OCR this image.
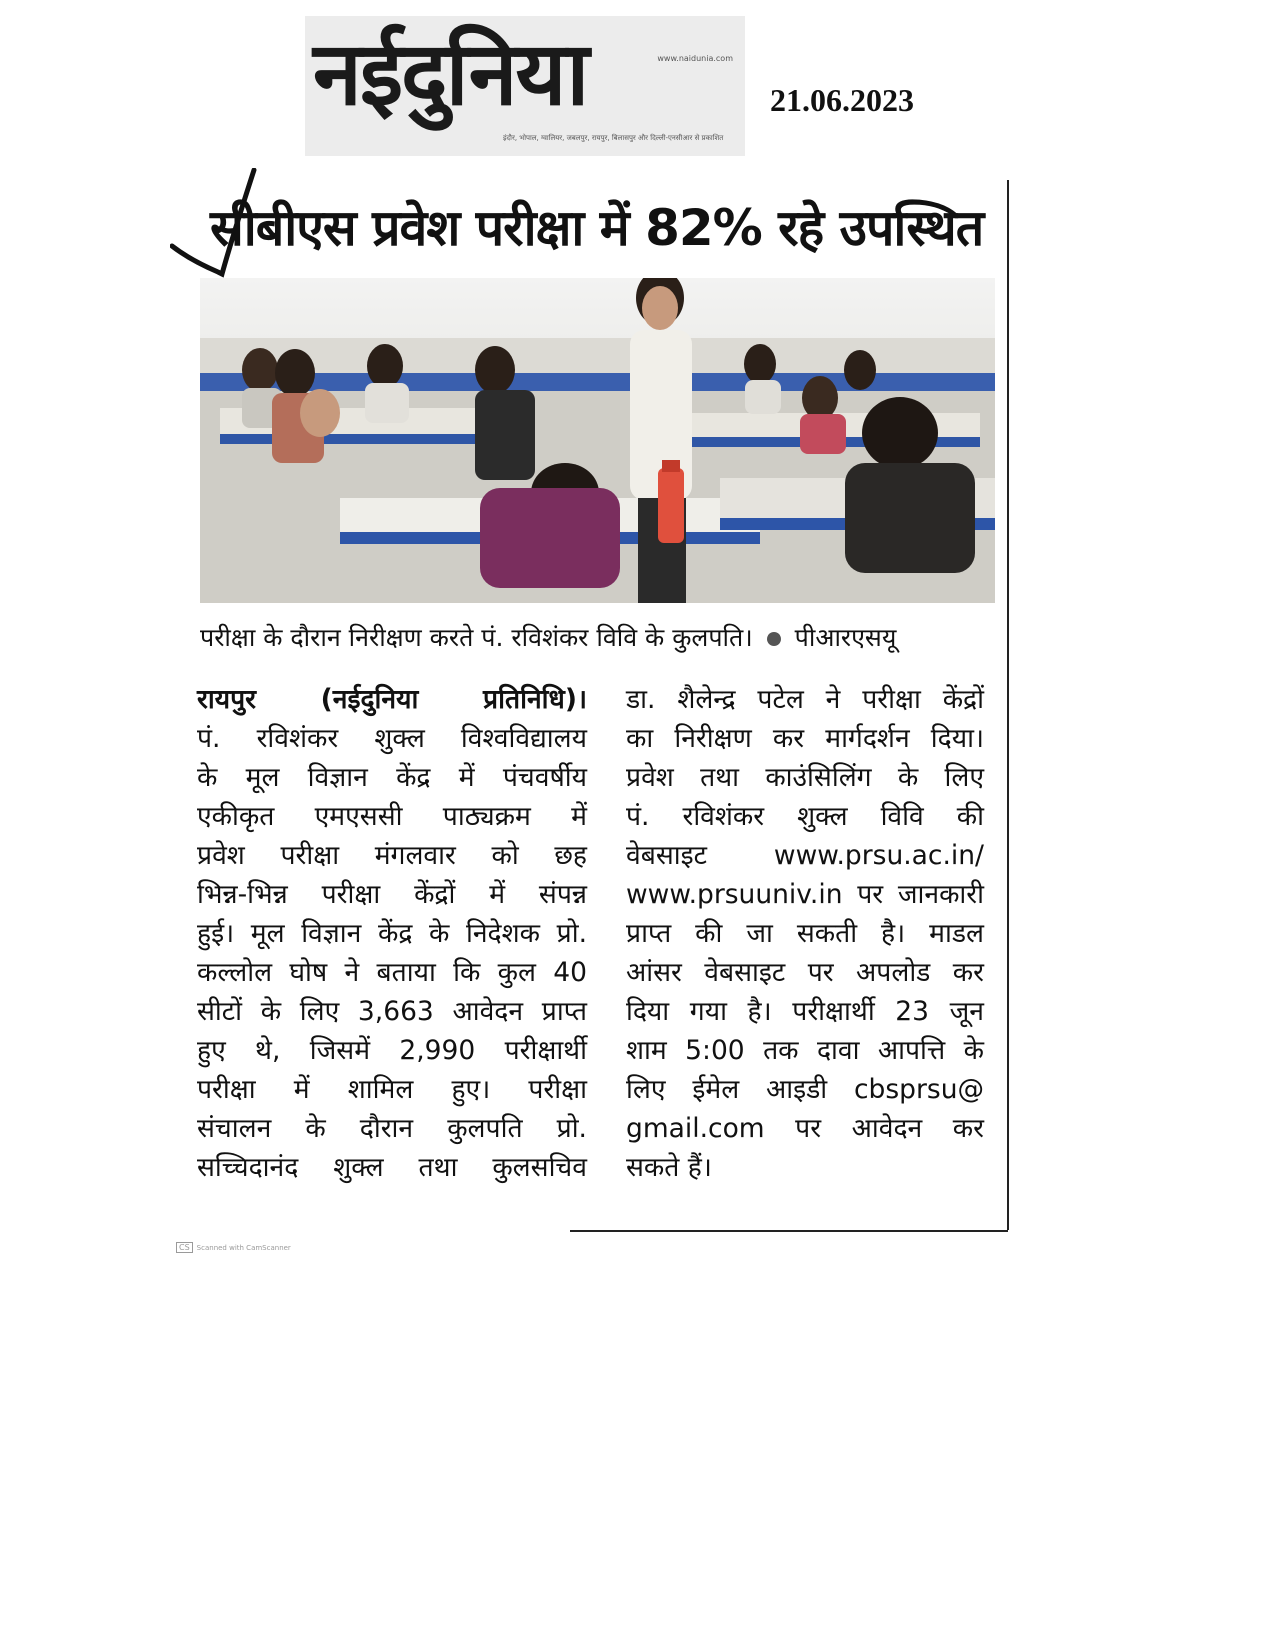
www.naidunia.com
नईदुनिया
इंदौर, भोपाल, ग्वालियर, जबलपुर, रायपुर, बिलासपुर और दिल्ली-एनसीआर से प्रकाशित
21.06.2023
सीबीएस प्रवेश परीक्षा में 82% रहे उपस्थित
परीक्षा के दौरान निरीक्षण करते पं. रविशंकर विवि के कुलपति। पीआरएसयू
रायपुर (नईदुनिया प्रतिनिधि)।
पं. रविशंकर शुक्ल विश्वविद्यालय
के मूल विज्ञान केंद्र में पंचवर्षीय
एकीकृत एमएससी पाठ्यक्रम में
प्रवेश परीक्षा मंगलवार को छह
भिन्न-भिन्न परीक्षा केंद्रों में संपन्न
हुई। मूल विज्ञान केंद्र के निदेशक प्रो.
कल्लोल घोष ने बताया कि कुल 40
सीटों के लिए 3,663 आवेदन प्राप्त
हुए थे, जिसमें 2,990 परीक्षार्थी
परीक्षा में शामिल हुए। परीक्षा
संचालन के दौरान कुलपति प्रो.
सच्चिदानंद शुक्ल तथा कुलसचिव
डा. शैलेन्द्र पटेल ने परीक्षा केंद्रों
का निरीक्षण कर मार्गदर्शन दिया।
प्रवेश तथा काउंसिलिंग के लिए
पं. रविशंकर शुक्ल विवि की
वेबसाइट www.prsu.ac.in/
www.prsuuniv.in पर जानकारी
प्राप्त की जा सकती है। माडल
आंसर वेबसाइट पर अपलोड कर
दिया गया है। परीक्षार्थी 23 जून
शाम 5:00 तक दावा आपत्ति के
लिए ईमेल आइडी cbsprsu@
gmail.com पर आवेदन कर
सकते हैं।
CS Scanned with CamScanner
